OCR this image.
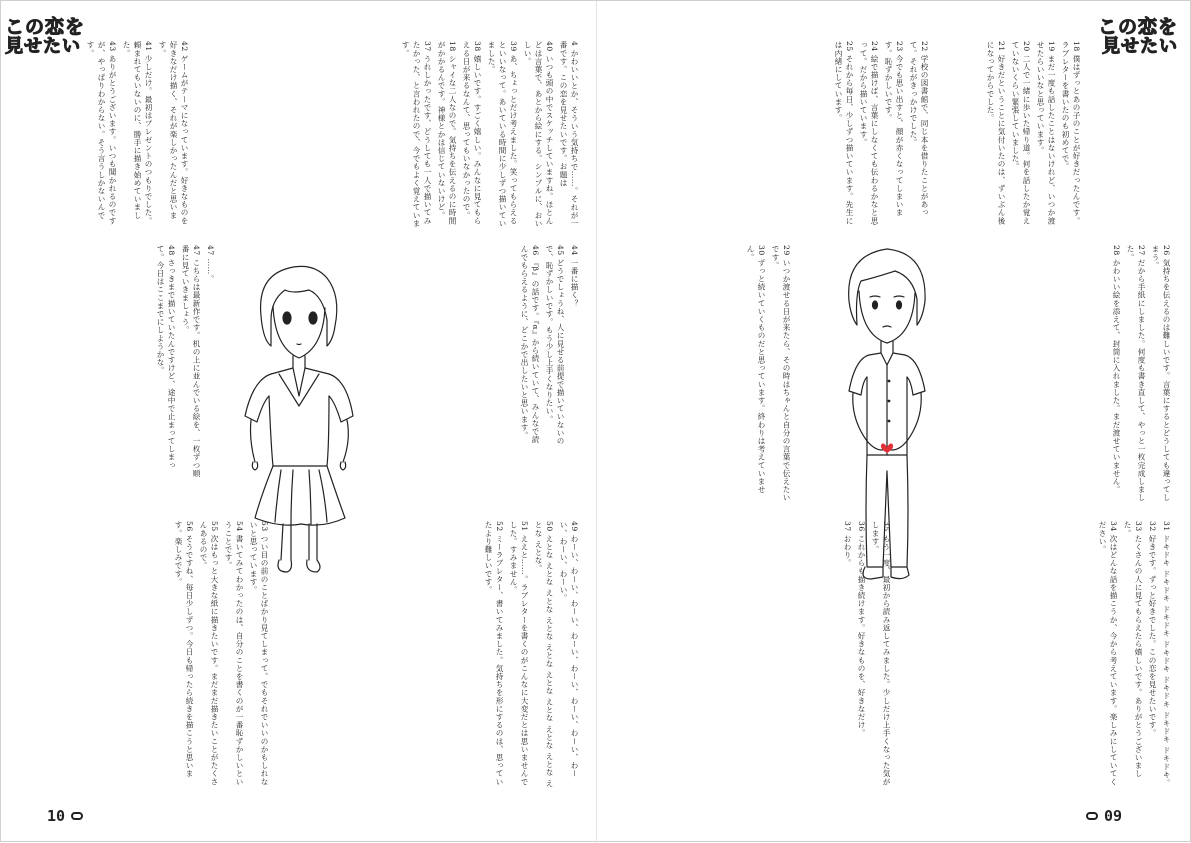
この恋を
見せたい	4 かわいいとか、そういう気持ちで……。それが一番です。この恋を見せたいです。お題は

40 いつも頭の中でスケッチしていますね。ほとんどは言葉で、あとから絵にする。シンプルに、おいしい。

39 あ、ちょっとだけ考えました。笑ってもらえるといいなって。あいている時間に少しずつ描いていました。

38 嬉しいです。すごく嬉しい。みんなに見てもらえる日が来るなんて、思ってもいなかったので。

18 シャイな二人なので。気持ちを伝えるのに時間がかかるんです。神様とかは信じていないけど。

37 うれしかったです、どうしても一人で描いてみたかった、と言われたので、今でもよく覚えています。

42 ゲームがテーマになっています。好きなものを好きなだけ描く、それが楽しかったんだと思います。

41 少しだけ。最初はプレゼントのつもりでした。頼まれてもいないのに、勝手に描き始めていました。

43 ありがとうございます。いつも聞かれるのですが、やっぱりわからない。そう言うしかないんです。

44 一番に描く？

45 どうでしょうね、人に見せる前提で描いていないので、恥ずかしいです。もう少し上手くなりたい。

46 『β』の話です。『α』から続いていて、みんなで読んでもらえるように、どこかで出したいと思います。

47 ……。

47 こちらは最新作です。机の上に並んでいる絵を、一枚ずつ順番に見ていきましょう。

48 さっきまで描いていたんですけど、途中で止まってしまって。今日はここまでにしようかな。

49 わーい、わーい、わーい、わーい、わーい、わーい、わーい、わーい、わーい、わーい。

50 えとな えとな えとな えとな えとな えとな えとな えとな えとな えとな えとな。

51 ええと……。ラブレターを書くのがこんなに大変だとは思いませんでした。すみません。

52 ミーラブレター、書いてみました。気持ちを形にするのは、思っていたより難しいです。

53 つい目の前のことばかり見てしまって。でもそれでいいのかもしれないと思っています。

54 書いてみてわかったのは、自分のことを書くのが一番恥ずかしいということです。

55 次はもっと大きな紙に描きたいです。まだまだ描きたいことがたくさんあるので。

56 そうですね、毎日少しずつ。今日も帰ったら続きを描こうと思います。楽しみです。

10
この恋を
見せたい

18 僕はずっとあの子のことが好きだったんです。ラブレターを書いたのも初めてで。

19 まだ一度も話したことはないけれど、いつか渡せたらいいなと思っています。

20 二人で一緒に歩いた帰り道。何を話したか覚えていないくらい緊張していました。

21 好きだということに気付いたのは、ずいぶん後になってからでした。

22 学校の図書館で、同じ本を借りたことがあって。それがきっかけでした。

23 今でも思い出すと、顔が赤くなってしまいます。恥ずかしいです。

24 絵で描けば、言葉にしなくても伝わるかなと思って。だから描いています。

25 それから毎日、少しずつ描いています。先生には内緒にしています。

26 気持ちを伝えるのは難しいです。言葉にするとどうしても違ってしまう。

27 だから手紙にしました。何度も書き直して、やっと一枚完成しました。

28 かわいい絵を添えて、封筒に入れました。まだ渡せていません。

29 いつか渡せる日が来たら、その時はちゃんと自分の言葉で伝えたいです。

30 ずっと続いていくものだと思っています。終わりは考えていません。

31 ドキドキ ドキドキ ドキドキ ドキドキ ドキドキ ドキドキ ドキドキ。

32 好きです。ずっと好きでした。この恋を見せたいです。

33 たくさんの人に見てもらえたら嬉しいです。ありがとうございました。

34 次はどんな話を描こうか、今から考えています。楽しみにしていてください。

35 もう一度、最初から読み返してみました。少しだけ上手くなった気がします。

36 これからも描き続けます。好きなものを、好きなだけ。

37 おわり。

09
